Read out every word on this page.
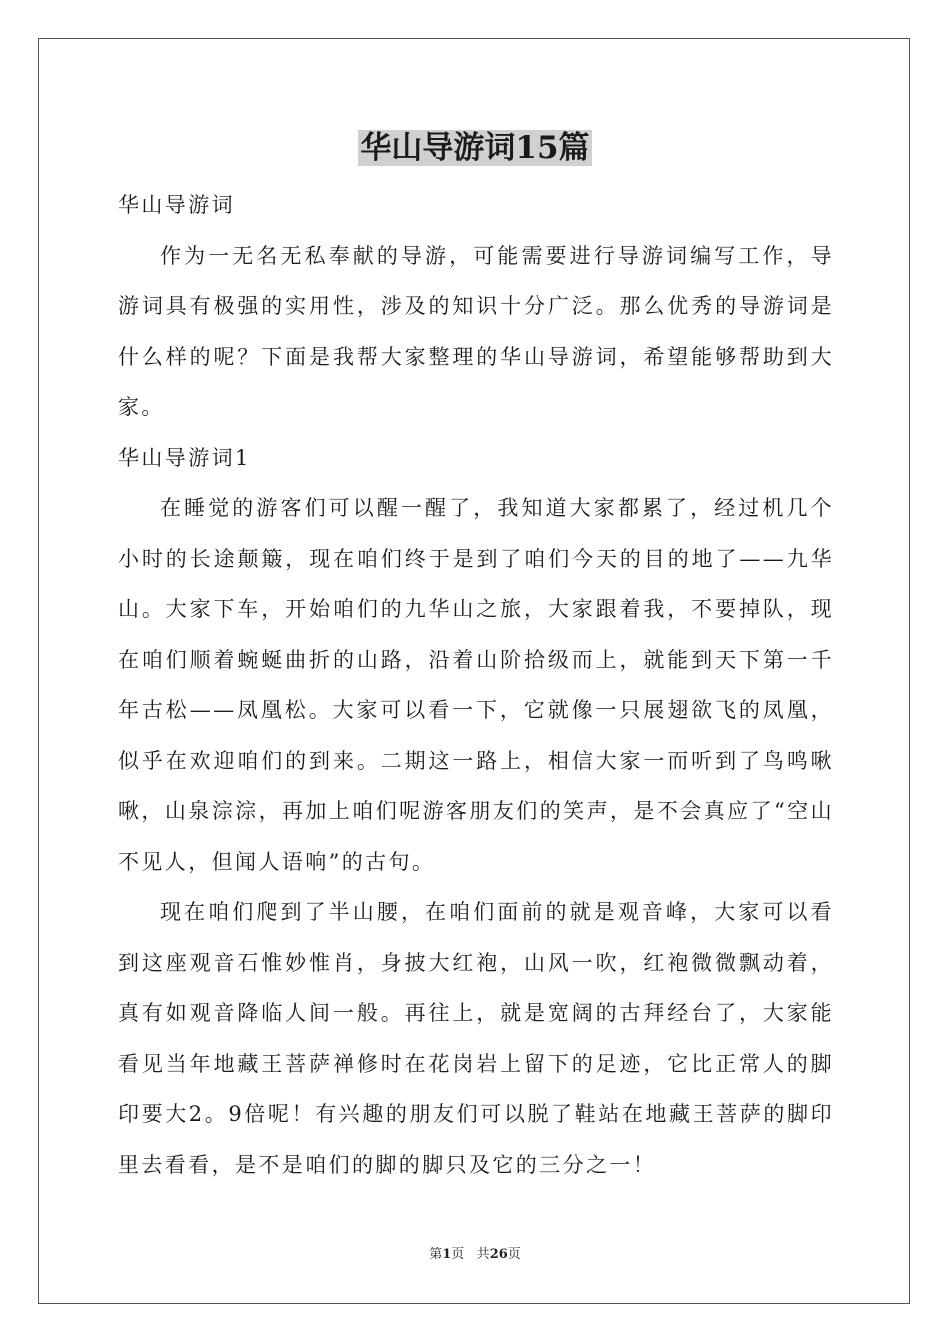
华山导游词15篇

华山导游词

作为一无名无私奉献的导游，可能需要进行导游词编写工作，导游词具有极强的实用性，涉及的知识十分广泛。那么优秀的导游词是什么样的呢？下面是我帮大家整理的华山导游词，希望能够帮助到大家。

华山导游词1

在睡觉的游客们可以醒一醒了，我知道大家都累了，经过机几个小时的长途颠簸，现在咱们终于是到了咱们今天的目的地了——九华山。大家下车，开始咱们的九华山之旅，大家跟着我，不要掉队，现在咱们顺着蜿蜒曲折的山路，沿着山阶拾级而上，就能到天下第一千年古松——凤凰松。大家可以看一下，它就像一只展翅欲飞的凤凰，似乎在欢迎咱们的到来。二期这一路上，相信大家一而听到了鸟鸣啾啾，山泉淙淙，再加上咱们呢游客朋友们的笑声，是不会真应了“空山不见人，但闻人语响”的古句。

现在咱们爬到了半山腰，在咱们面前的就是观音峰，大家可以看到这座观音石惟妙惟肖，身披大红袍，山风一吹，红袍微微飘动着，真有如观音降临人间一般。再往上，就是宽阔的古拜经台了，大家能看见当年地藏王菩萨禅修时在花岗岩上留下的足迹，它比正常人的脚印要大2。9倍呢！有兴趣的朋友们可以脱了鞋站在地藏王菩萨的脚印里去看看，是不是咱们的脚的脚只及它的三分之一！

第1页 共26页
